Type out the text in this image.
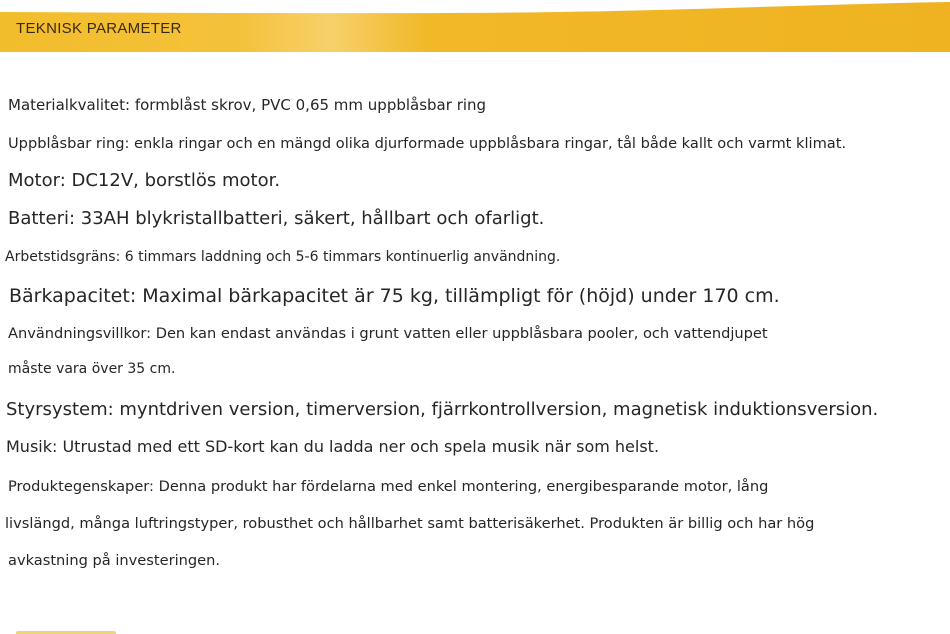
TEKNISK PARAMETER
Materialkvalitet: formblåst skrov, PVC 0,65 mm uppblåsbar ring
Uppblåsbar ring: enkla ringar och en mängd olika djurformade uppblåsbara ringar, tål både kallt och varmt klimat.
Motor: DC12V, borstlös motor.
Batteri: 33AH blykristallbatteri, säkert, hållbart och ofarligt.
Arbetstidsgräns: 6 timmars laddning och 5-6 timmars kontinuerlig användning.
Bärkapacitet: Maximal bärkapacitet är 75 kg, tillämpligt för (höjd) under 170 cm.
Användningsvillkor: Den kan endast användas i grunt vatten eller uppblåsbara pooler, och vattendjupet
måste vara över 35 cm.
Styrsystem: myntdriven version, timerversion, fjärrkontrollversion, magnetisk induktionsversion.
Musik: Utrustad med ett SD-kort kan du ladda ner och spela musik när som helst.
Produktegenskaper: Denna produkt har fördelarna med enkel montering, energibesparande motor, lång
livslängd, många luftringstyper, robusthet och hållbarhet samt batterisäkerhet. Produkten är billig och har hög
avkastning på investeringen.
